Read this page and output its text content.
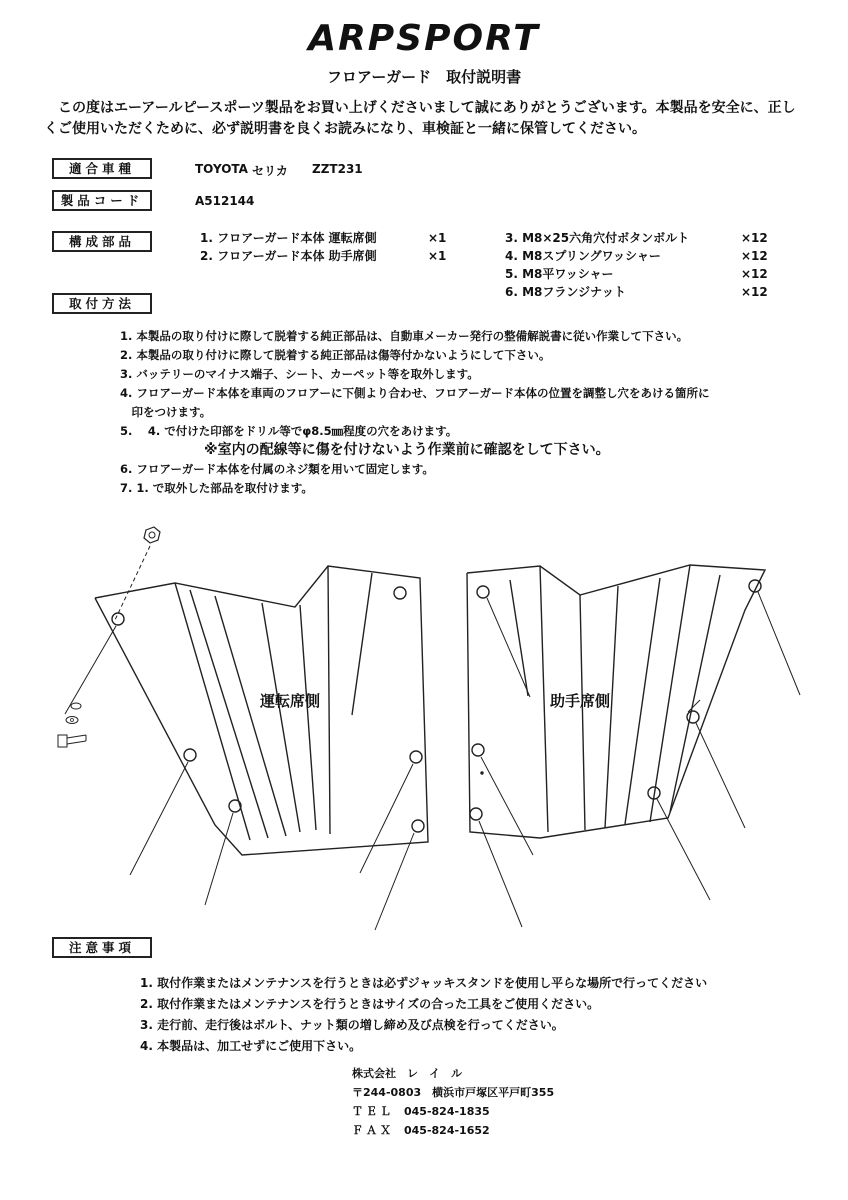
ARPSPORT
フロアーガード　取付説明書
　この度はエーアールピースポーツ製品をお買い上げくださいまして誠にありがとうございます。本製品を安全に、正しくご使用いただくために、必ず説明書を良くお読みになり、車検証と一緒に保管してください。
適合車種	TOYOTA セリカ ZZT231
製品コード	A512144
構成部品	1. フロアーガード本体 運転席側	×1
2. フロアーガード本体 助手席側	×1
3. M8×25六角穴付ボタンボルト	×12
4. M8スプリングワッシャー	×12
5. M8平ワッシャー	×12
6. M8フランジナット	×12
取付方法
1. 本製品の取り付けに際して脱着する純正部品は、自動車メーカー発行の整備解説書に従い作業して下さい。
2. 本製品の取り付けに際して脱着する純正部品は傷等付かないようにして下さい。
3. バッテリーのマイナス端子、シート、カーペット等を取外します。
4. フロアーガード本体を車両のフロアーに下側より合わせ、フロアーガード本体の位置を調整し穴をあける箇所に
　印をつけます。
5.　 4. で付けた印部をドリル等でφ8.5㎜程度の穴をあけます。
　　　　　　※室内の配線等に傷を付けないよう作業前に確認をして下さい。
6. フロアーガード本体を付属のネジ類を用いて固定します。
7. 1. で取外した部品を取付けます。
運転席側	助手席側
注意事項
1. 取付作業またはメンテナンスを行うときは必ずジャッキスタンドを使用し平らな場所で行ってください
2. 取付作業またはメンテナンスを行うときはサイズの合った工具をご使用ください。
3. 走行前、走行後はボルト、ナット類の増し締め及び点検を行ってください。
4. 本製品は、加工せずにご使用下さい。
株式会社　レ　イ　ル
〒244-0803　横浜市戸塚区平戸町355
ＴＥＬ 045-824-1835
ＦＡＸ 045-824-1652
